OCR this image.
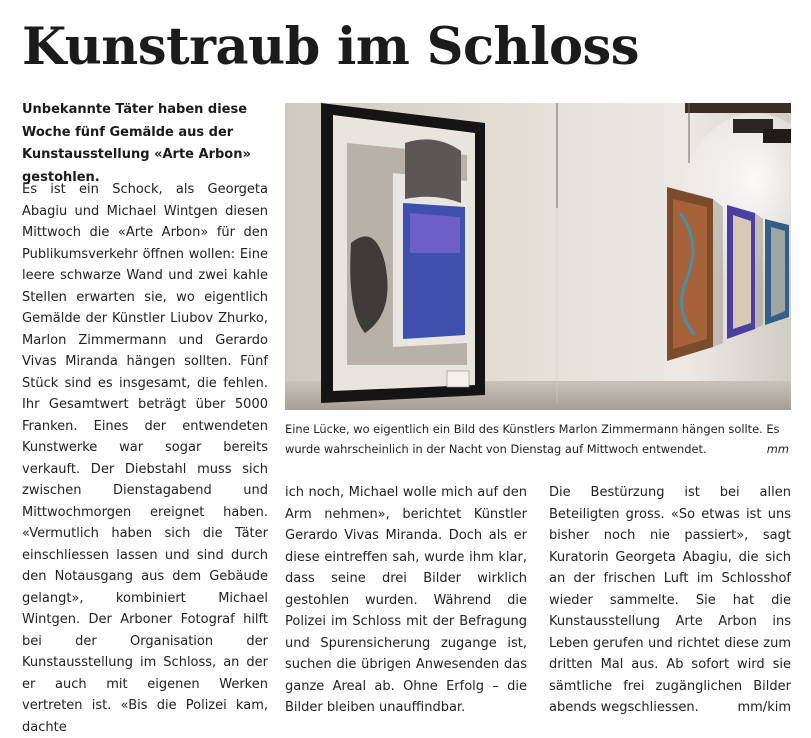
Kunstraub im Schloss

Unbekannte Täter haben diese Woche fünf Gemälde aus der Kunstausstellung «Arte Arbon» gestohlen.

Es ist ein Schock, als Georgeta Abagiu und Michael Wintgen diesen Mittwoch die «Arte Arbon» für den Publikumsverkehr öffnen wollen: Eine leere schwarze Wand und zwei kahle Stellen erwarten sie, wo eigentlich Gemälde der Künstler Liubov Zhurko, Marlon Zimmermann und Gerardo Vivas Miranda hängen sollten. Fünf Stück sind es insgesamt, die fehlen. Ihr Gesamtwert beträgt über 5000 Franken. Eines der entwendeten Kunstwerke war sogar bereits verkauft. Der Diebstahl muss sich zwischen Dienstagabend und Mittwochmorgen ereignet haben. «Vermutlich haben sich die Täter einschliessen lassen und sind durch den Notausgang aus dem Gebäude gelangt», kombiniert Michael Wintgen. Der Arboner Fotograf hilft bei der Organisation der Kunstausstellung im Schloss, an der er auch mit eigenen Werken vertreten ist. «Bis die Polizei kam, dachte

Eine Lücke, wo eigentlich ein Bild des Künstlers Marlon Zimmermann hängen sollte. Es wurde wahrscheinlich in der Nacht von Dienstag auf Mittwoch entwendet.	mm

ich noch, Michael wolle mich auf den Arm nehmen», berichtet Künstler Gerardo Vivas Miranda. Doch als er diese eintreffen sah, wurde ihm klar, dass seine drei Bilder wirklich gestohlen wurden. Während die Polizei im Schloss mit der Befragung und Spurensicherung zugange ist, suchen die übrigen Anwesenden das ganze Areal ab. Ohne Erfolg – die Bilder bleiben unauffindbar.

Die Bestürzung ist bei allen Beteiligten gross. «So etwas ist uns bisher noch nie passiert», sagt Kuratorin Georgeta Abagiu, die sich an der frischen Luft im Schlosshof wieder sammelte. Sie hat die Kunstausstellung Arte Arbon ins Leben gerufen und richtet diese zum dritten Mal aus. Ab sofort wird sie sämtliche frei zugänglichen Bilder abends wegschliessen.	mm/kim
